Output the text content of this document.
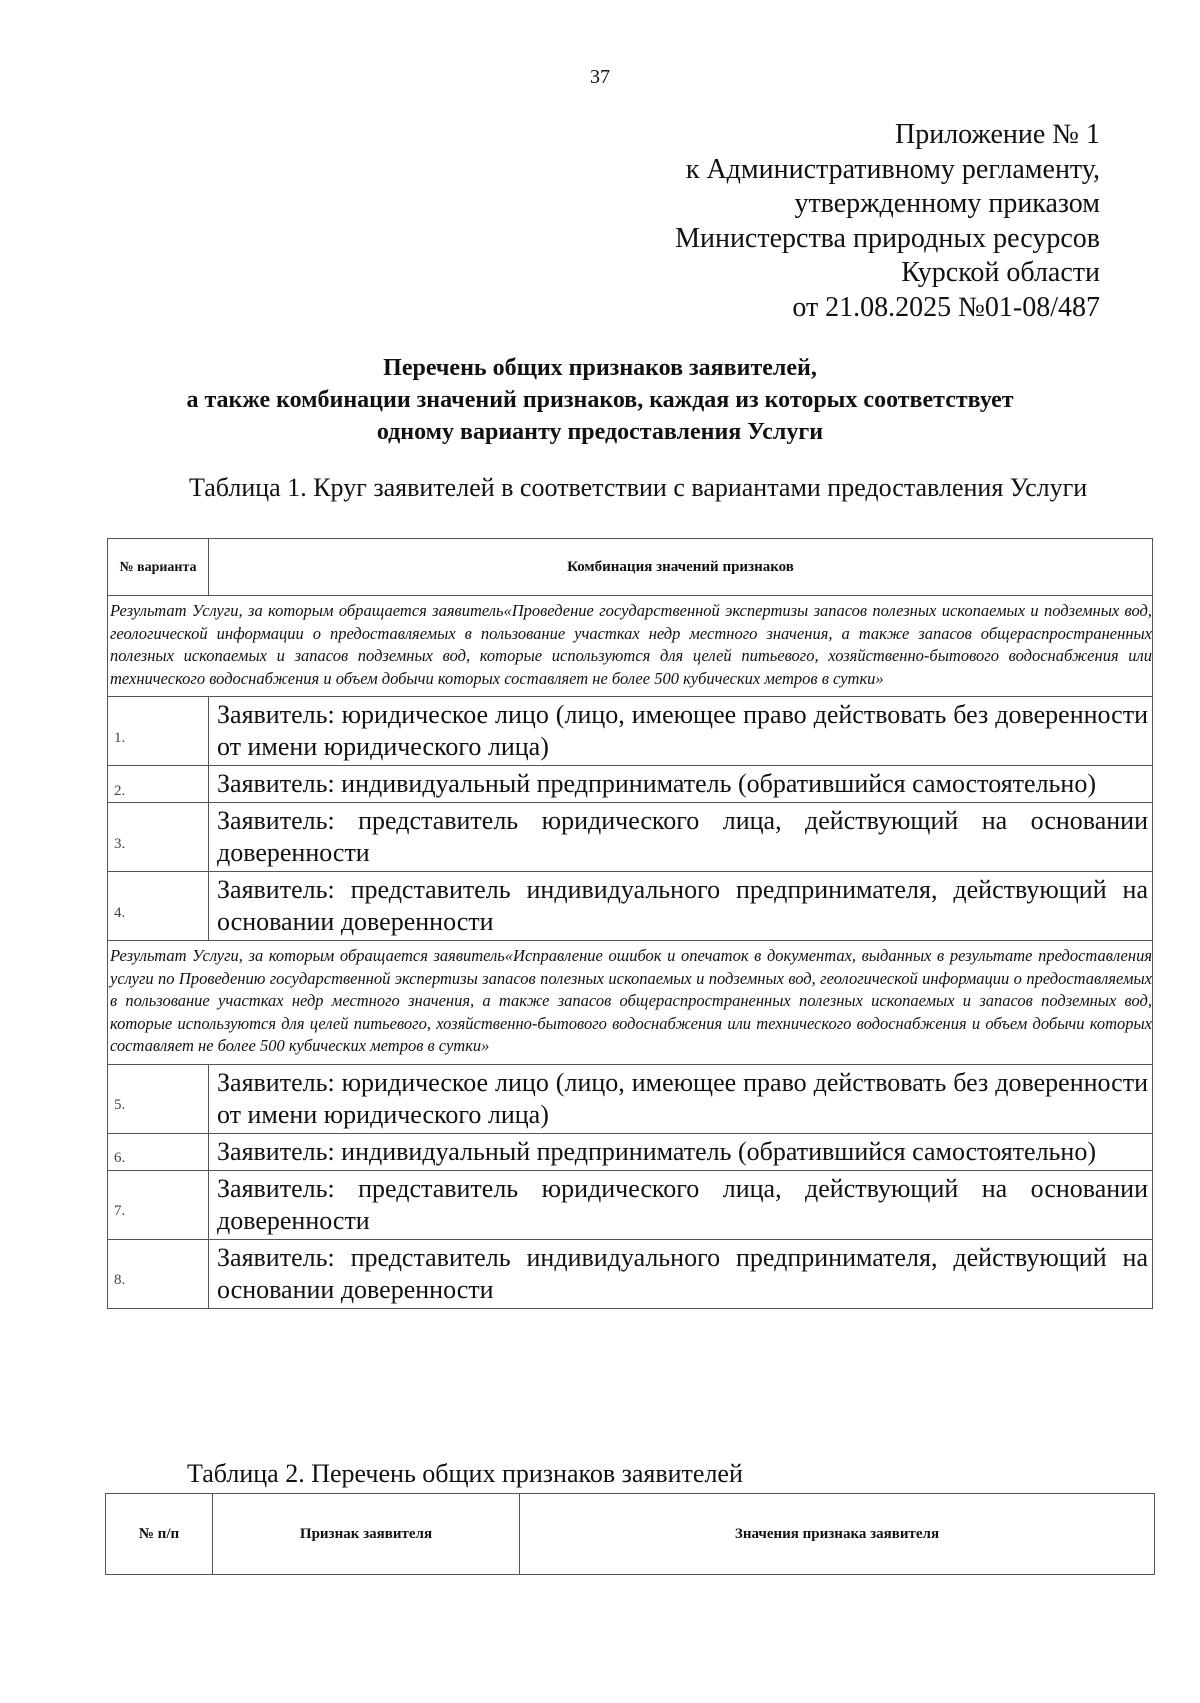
37
Приложение № 1
к Административному регламенту,
утвержденному приказом
Министерства природных ресурсов
Курской области
от 21.08.2025 №01-08/487
Перечень общих признаков заявителей,
а также комбинации значений признаков, каждая из которых соответствует
одному варианту предоставления Услуги
Таблица 1. Круг заявителей в соответствии с вариантами предоставления Услуги
№ варианта	Комбинация значений признаков
Результат Услуги, за которым обращается заявитель«Проведение государственной экспертизы запасов полезных ископаемых и подземных вод, геологической информации о предоставляемых в пользование участках недр местного значения, а также запасов общераспространенных полезных ископаемых и запасов подземных вод, которые используются для целей питьевого, хозяйственно-бытового водоснабжения или технического водоснабжения и объем добычи которых составляет не более 500 кубических метров в сутки»	
1.	Заявитель: юридическое лицо (лицо, имеющее право действовать без доверенности от имени юридического лица)
2.	Заявитель: индивидуальный предприниматель (обратившийся самостоятельно)
3.	Заявитель: представитель юридического лица, действующий на основании доверенности
4.	Заявитель: представитель индивидуального предпринимателя, действующий на основании доверенности
Результат Услуги, за которым обращается заявитель«Исправление ошибок и опечаток в документах, выданных в результате предоставления услуги по Проведению государственной экспертизы запасов полезных ископаемых и подземных вод, геологической информации о предоставляемых в пользование участках недр местного значения, а также запасов общераспространенных полезных ископаемых и запасов подземных вод, которые используются для целей питьевого, хозяйственно-бытового водоснабжения или технического водоснабжения и объем добычи которых составляет не более 500 кубических метров в сутки»	
5.	Заявитель: юридическое лицо (лицо, имеющее право действовать без доверенности от имени юридического лица)
6.	Заявитель: индивидуальный предприниматель (обратившийся самостоятельно)
7.	Заявитель: представитель юридического лица, действующий на основании доверенности
8.	Заявитель: представитель индивидуального предпринимателя, действующий на основании доверенности
Таблица 2. Перечень общих признаков заявителей
№ п/п	Признак заявителя	Значения признака заявителя
